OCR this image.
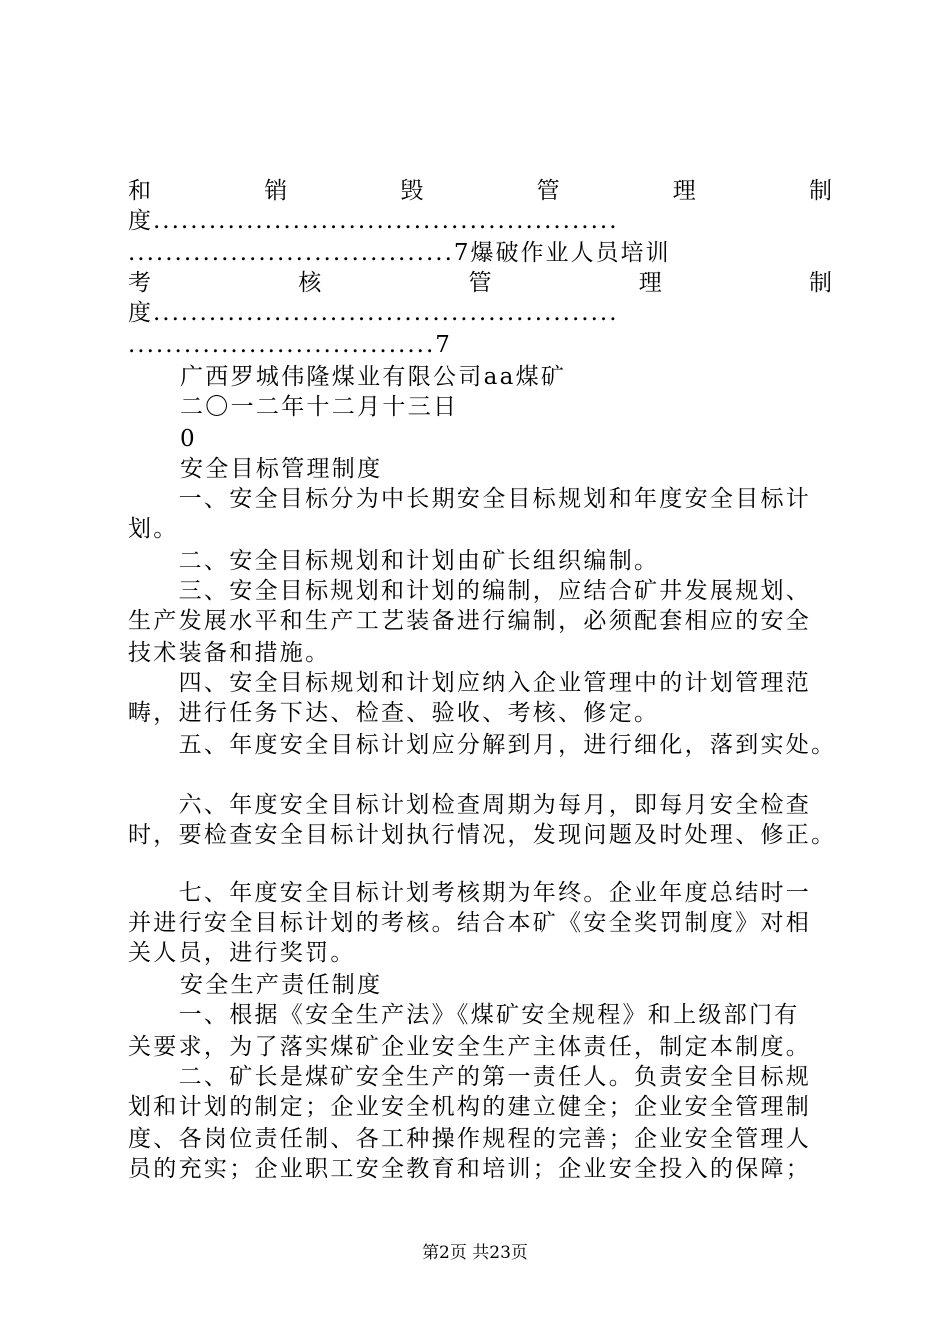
和	销	毁	管	理	制
度..................................................
...................................7爆破作业人员培训
考	核	管	理	制
度..................................................
.................................7
广西罗城伟隆煤业有限公司aa煤矿
二〇一二年十二月十三日
0
安全目标管理制度
　　一、安全目标分为中长期安全目标规划和年度安全目标计
划。
　　二、安全目标规划和计划由矿长组织编制。
　　三、安全目标规划和计划的编制，应结合矿井发展规划、
生产发展水平和生产工艺装备进行编制，必须配套相应的安全
技术装备和措施。
　　四、安全目标规划和计划应纳入企业管理中的计划管理范
畴，进行任务下达、检查、验收、考核、修定。
　　五、年度安全目标计划应分解到月，进行细化，落到实处。
　　六、年度安全目标计划检查周期为每月，即每月安全检查
时，要检查安全目标计划执行情况，发现问题及时处理、修正。
　　七、年度安全目标计划考核期为年终。企业年度总结时一
并进行安全目标计划的考核。结合本矿《安全奖罚制度》对相
关人员，进行奖罚。
安全生产责任制度
　　一、根据《安全生产法》《煤矿安全规程》和上级部门有
关要求，为了落实煤矿企业安全生产主体责任，制定本制度。
　　二、矿长是煤矿安全生产的第一责任人。负责安全目标规
划和计划的制定；企业安全机构的建立健全；企业安全管理制
度、各岗位责任制、各工种操作规程的完善；企业安全管理人
员的充实；企业职工安全教育和培训；企业安全投入的保障；
第2页 共23页
